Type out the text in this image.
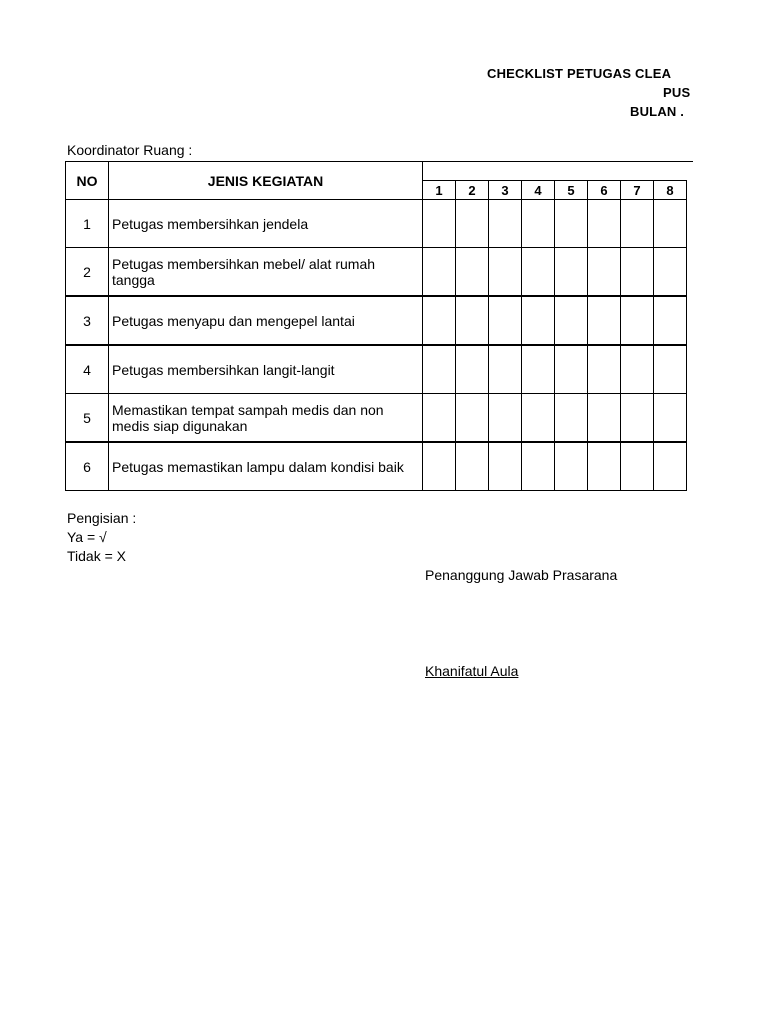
CHECKLIST PETUGAS CLEA
PUS
BULAN .
Koordinator Ruang :
NO	JENIS KEGIATAN
1	2	3	4	5	6	7	8
1	Petugas membersihkan jendela
2	Petugas membersihkan mebel/ alat rumah tangga
3	Petugas menyapu dan mengepel lantai
4	Petugas membersihkan langit-langit
5	Memastikan tempat sampah medis dan non medis siap digunakan
6	Petugas memastikan lampu dalam kondisi baik
Pengisian :
Ya = √
Tidak = X
Penanggung Jawab Prasarana
Khanifatul Aula
